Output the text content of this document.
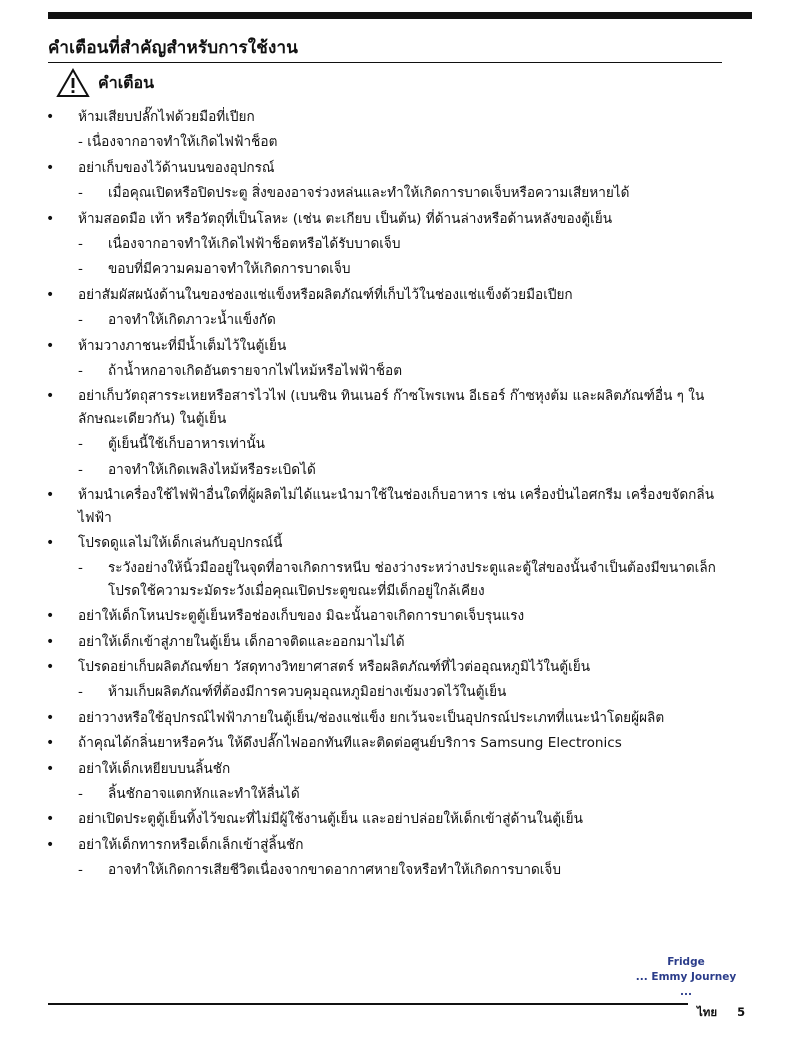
คำเตือนที่สำคัญสำหรับการใช้งาน
คำเตือน

• ห้ามเสียบปลั๊กไฟด้วยมือที่เปียก

- เนื่องจากอาจทำให้เกิดไฟฟ้าช็อต

• อย่าเก็บของไว้ด้านบนของอุปกรณ์

- เมื่อคุณเปิดหรือปิดประตู สิ่งของอาจร่วงหล่นและทำให้เกิดการบาดเจ็บหรือความเสียหายได้

• ห้ามสอดมือ เท้า หรือวัตถุที่เป็นโลหะ (เช่น ตะเกียบ เป็นต้น) ที่ด้านล่างหรือด้านหลังของตู้เย็น

- เนื่องจากอาจทำให้เกิดไฟฟ้าช็อตหรือได้รับบาดเจ็บ

- ขอบที่มีความคมอาจทำให้เกิดการบาดเจ็บ

• อย่าสัมผัสผนังด้านในของช่องแช่แข็งหรือผลิตภัณฑ์ที่เก็บไว้ในช่องแช่แข็งด้วยมือเปียก

- อาจทำให้เกิดภาวะน้ำแข็งกัด

• ห้ามวางภาชนะที่มีน้ำเต็มไว้ในตู้เย็น

- ถ้าน้ำหกอาจเกิดอันตรายจากไฟไหม้หรือไฟฟ้าช็อต

• อย่าเก็บวัตถุสารระเหยหรือสารไวไฟ (เบนซิน ทินเนอร์ ก๊าซโพรเพน อีเธอร์ ก๊าซหุงต้ม และผลิตภัณฑ์อื่น ๆ ในลักษณะเดียวกัน) ในตู้เย็น

- ตู้เย็นนี้ใช้เก็บอาหารเท่านั้น

- อาจทำให้เกิดเพลิงไหม้หรือระเบิดได้

• ห้ามนำเครื่องใช้ไฟฟ้าอื่นใดที่ผู้ผลิตไม่ได้แนะนำมาใช้ในช่องเก็บอาหาร เช่น เครื่องปั่นไอศกรีม เครื่องขจัดกลิ่นไฟฟ้า

• โปรดดูแลไม่ให้เด็กเล่นกับอุปกรณ์นี้

- ระวังอย่างให้นิ้วมืออยู่ในจุดที่อาจเกิดการหนีบ ช่องว่างระหว่างประตูและตู้ใส่ของนั้นจำเป็นต้องมีขนาดเล็ก โปรดใช้ความระมัดระวังเมื่อคุณเปิดประตูขณะที่มีเด็กอยู่ใกล้เคียง

• อย่าให้เด็กโหนประตูตู้เย็นหรือช่องเก็บของ มิฉะนั้นอาจเกิดการบาดเจ็บรุนแรง

• อย่าให้เด็กเข้าสู่ภายในตู้เย็น เด็กอาจติดและออกมาไม่ได้

• โปรดอย่าเก็บผลิตภัณฑ์ยา วัสดุทางวิทยาศาสตร์ หรือผลิตภัณฑ์ที่ไวต่ออุณหภูมิไว้ในตู้เย็น

- ห้ามเก็บผลิตภัณฑ์ที่ต้องมีการควบคุมอุณหภูมิอย่างเข้มงวดไว้ในตู้เย็น

• อย่าวางหรือใช้อุปกรณ์ไฟฟ้าภายในตู้เย็น/ช่องแช่แข็ง ยกเว้นจะเป็นอุปกรณ์ประเภทที่แนะนำโดยผู้ผลิต

• ถ้าคุณได้กลิ่นยาหรือควัน ให้ดึงปลั๊กไฟออกทันทีและติดต่อศูนย์บริการ Samsung Electronics

• อย่าให้เด็กเหยียบบนลิ้นชัก

- ลิ้นชักอาจแตกหักและทำให้ลื่นได้

• อย่าเปิดประตูตู้เย็นทิ้งไว้ขณะที่ไม่มีผู้ใช้งานตู้เย็น และอย่าปล่อยให้เด็กเข้าสู่ด้านในตู้เย็น

• อย่าให้เด็กทารกหรือเด็กเล็กเข้าสู่ลิ้นชัก

- อาจทำให้เกิดการเสียชีวิตเนื่องจากขาดอากาศหายใจหรือทำให้เกิดการบาดเจ็บ

Fridge
... Emmy Journey ...
ไทย 5
